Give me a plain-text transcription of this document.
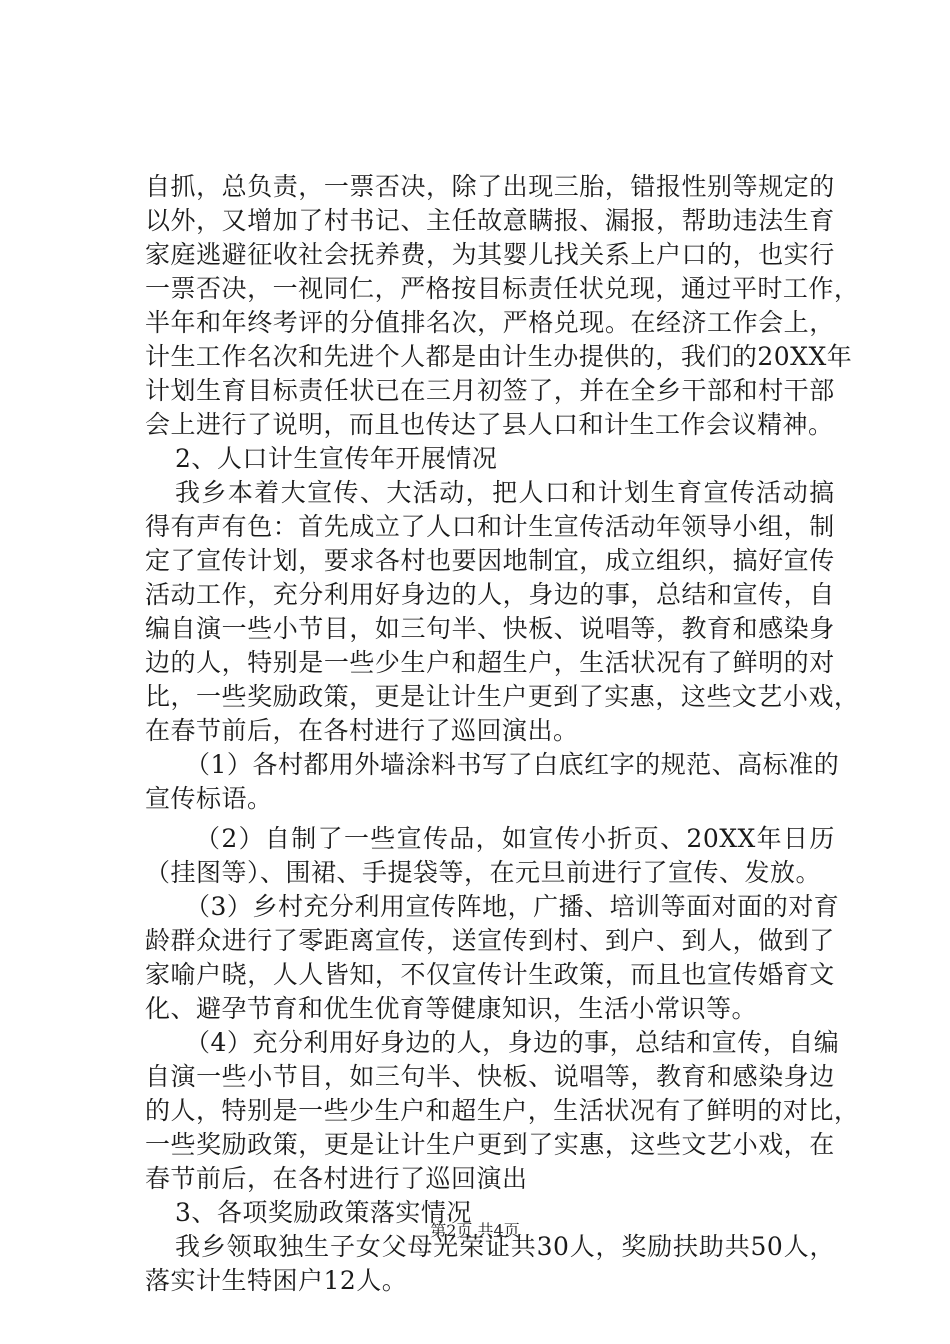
自 抓 ， 总 负 责 ， 一 票 否 决 ， 除 了 出 现 三 胎 ， 错 报 性 别 等 规 定 的
以 外 ， 又 增 加 了 村 书 记 、 主 任 故 意 瞒 报 、 漏 报 ， 帮 助 违 法 生 育
家 庭 逃 避 征 收 社 会 抚 养 费 ， 为 其 婴 儿 找 关 系 上 户 口 的 ， 也 实 行
一 票 否 决 ， 一 视 同 仁 ， 严 格 按 目 标 责 任 状 兑 现 ， 通 过 平 时 工 作 ，
半 年 和 年 终 考 评 的 分 值 排 名 次 ， 严 格 兑 现 。 在 经 济 工 作 会 上 ，
计 生 工 作 名 次 和 先 进 个 人 都 是 由 计 生 办 提 供 的 ， 我 们 的 20XX 年
计 划 生 育 目 标 责 任 状 已 在 三 月 初 签 了 ， 并 在 全 乡 干 部 和 村 干 部
会上进行了说明，而且也传达了县人口和计生工作会议精神。
2、人口计生宣传年开展情况
我 乡 本 着 大 宣 传 、 大 活 动 ， 把 人 口 和 计 划 生 育 宣 传 活 动 搞
得 有 声 有 色 ： 首 先 成 立 了 人 口 和 计 生 宣 传 活 动 年 领 导 小 组 ， 制
定 了 宣 传 计 划 ， 要 求 各 村 也 要 因 地 制 宜 ， 成 立 组 织 ， 搞 好 宣 传
活 动 工 作 ， 充 分 利 用 好 身 边 的 人 ， 身 边 的 事 ， 总 结 和 宣 传 ， 自
编 自 演 一 些 小 节 目 ， 如 三 句 半 、 快 板 、 说 唱 等 ， 教 育 和 感 染 身
边 的 人 ， 特 别 是 一 些 少 生 户 和 超 生 户 ， 生 活 状 况 有 了 鲜 明 的 对
比 ， 一 些 奖 励 政 策 ， 更 是 让 计 生 户 更 到 了 实 惠 ， 这 些 文 艺 小 戏 ，
在春节前后，在各村进行了巡回演出。
（ 1 ） 各 村 都 用 外 墙 涂 料 书 写 了 白 底 红 字 的 规 范 、 高 标 准 的
宣传标语。
（ 2 ） 自 制 了 一 些 宣 传 品 ， 如 宣 传 小 折 页 、 20XX 年 日 历
（挂图等）、围裙、手提袋等，在元旦前进行了宣传、发放。
（ 3 ） 乡 村 充 分 利 用 宣 传 阵 地 ， 广 播 、 培 训 等 面 对 面 的 对 育
龄 群 众 进 行 了 零 距 离 宣 传 ， 送 宣 传 到 村 、 到 户 、 到 人 ， 做 到 了
家 喻 户 晓 ， 人 人 皆 知 ， 不 仅 宣 传 计 生 政 策 ， 而 且 也 宣 传 婚 育 文
化、避孕节育和优生优育等健康知识，生活小常识等。
（ 4 ） 充 分 利 用 好 身 边 的 人 ， 身 边 的 事 ， 总 结 和 宣 传 ， 自 编
自 演 一 些 小 节 目 ， 如 三 句 半 、 快 板 、 说 唱 等 ， 教 育 和 感 染 身 边
的 人 ， 特 别 是 一 些 少 生 户 和 超 生 户 ， 生 活 状 况 有 了 鲜 明 的 对 比 ，
一 些 奖 励 政 策 ， 更 是 让 计 生 户 更 到 了 实 惠 ， 这 些 文 艺 小 戏 ， 在
春节前后，在各村进行了巡回演出
3、各项奖励政策落实情况
我 乡 领 取 独 生 子 女 父 母 光 荣 证 共 30 人 ， 奖 励 扶 助 共 50 人 ，
落实计生特困户12人。
第2页 共4页
